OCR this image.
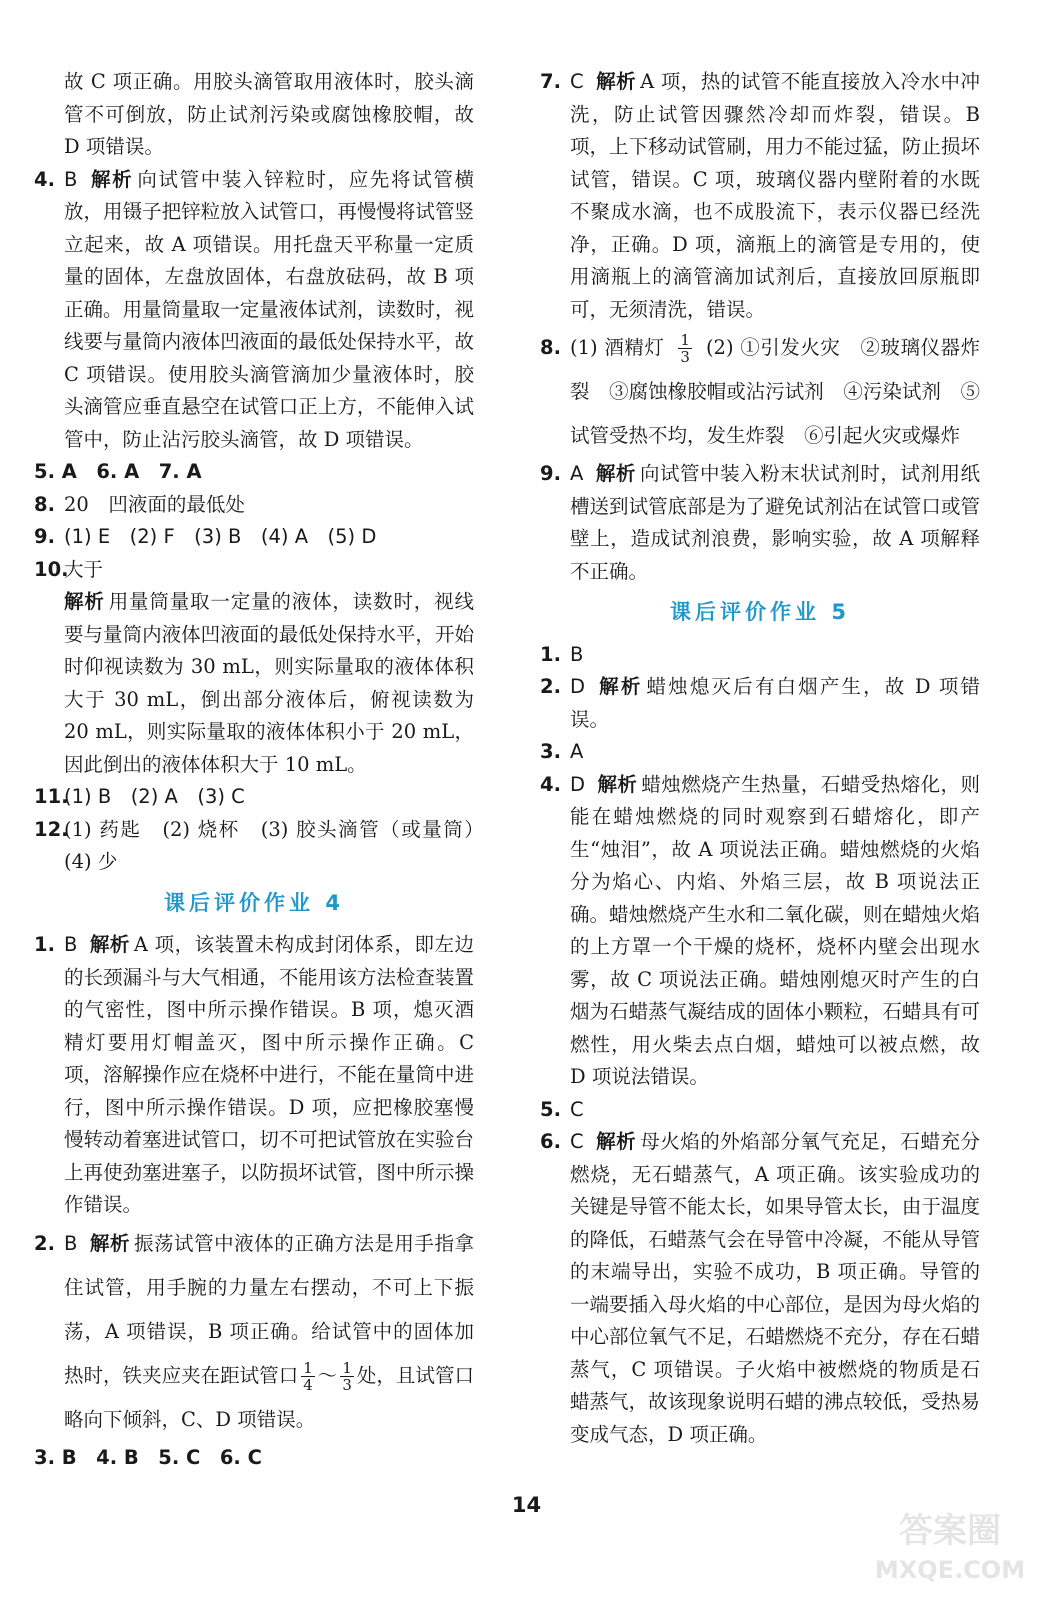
故 C 项正确。用胶头滴管取用液体时，胶头滴管不可倒放，防止试剂污染或腐蚀橡胶帽，故 D 项错误。

4. B 解析 向试管中装入锌粒时，应先将试管横放，用镊子把锌粒放入试管口，再慢慢将试管竖立起来，故 A 项错误。用托盘天平称量一定质量的固体，左盘放固体，右盘放砝码，故 B 项正确。用量筒量取一定量液体试剂，读数时，视线要与量筒内液体凹液面的最低处保持水平，故 C 项错误。使用胶头滴管滴加少量液体时，胶头滴管应垂直悬空在试管口正上方，不能伸入试管中，防止沾污胶头滴管，故 D 项错误。

5. A　6. A　7. A

8. 20　凹液面的最低处

9. (1) E　(2) F　(3) B　(4) A　(5) D

10.
大于

解析 用量筒量取一定量的液体，读数时，视线要与量筒内液体凹液面的最低处保持水平，开始时仰视读数为 30 mL，则实际量取的液体体积大于 30 mL，倒出部分液体后，俯视读数为 20 mL，则实际量取的液体体积小于 20 mL，因此倒出的液体体积大于 10 mL。

11.
(1) B　(2) A　(3) C

12.
(1) 药匙　(2) 烧杯　(3) 胶头滴管（或量筒）　(4) 少

课后评价作业 4

1. B 解析 A 项，该装置未构成封闭体系，即左边的长颈漏斗与大气相通，不能用该方法检查装置的气密性，图中所示操作错误。B 项，熄灭酒精灯要用灯帽盖灭，图中所示操作正确。C 项，溶解操作应在烧杯中进行，不能在量筒中进行，图中所示操作错误。D 项，应把橡胶塞慢慢转动着塞进试管口，切不可把试管放在实验台上再使劲塞进塞子，以防损坏试管，图中所示操作错误。

2. B 解析 振荡试管中液体的正确方法是用手指拿住试管，用手腕的力量左右摆动，不可上下振荡，A 项错误，B 项正确。给试管中的固体加热时，铁夹应夹在距试管口 $\frac{1}{4}$ ～ $\frac{1}{3}$ 处，且试管口略向下倾斜，C、D 项错误。

3. B　4. B　5. C　6. C

7. C 解析 A 项，热的试管不能直接放入冷水中冲洗，防止试管因骤然冷却而炸裂，错误。B 项，上下移动试管刷，用力不能过猛，防止损坏试管，错误。C 项，玻璃仪器内壁附着的水既不聚成水滴，也不成股流下，表示仪器已经洗净，正确。D 项，滴瓶上的滴管是专用的，使用滴瓶上的滴管滴加试剂后，直接放回原瓶即可，无须清洗，错误。

8. (1) 酒精灯 $\frac{1}{3} (2)$ ①引发火灾　②玻璃仪器炸裂　③腐蚀橡胶帽或沾污试剂　④污染试剂　⑤试管受热不均，发生炸裂　⑥引起火灾或爆炸

9. A 解析 向试管中装入粉末状试剂时，试剂用纸槽送到试管底部是为了避免试剂沾在试管口或管壁上，造成试剂浪费，影响实验，故 A 项解释不正确。

课后评价作业 5

1. B

2. D 解析 蜡烛熄灭后有白烟产生，故 D 项错误。

3. A

4. D 解析 蜡烛燃烧产生热量，石蜡受热熔化，则能在蜡烛燃烧的同时观察到石蜡熔化，即产生“烛泪”，故 A 项说法正确。蜡烛燃烧的火焰分为焰心、内焰、外焰三层，故 B 项说法正确。蜡烛燃烧产生水和二氧化碳，则在蜡烛火焰的上方罩一个干燥的烧杯，烧杯内壁会出现水雾，故 C 项说法正确。蜡烛刚熄灭时产生的白烟为石蜡蒸气凝结成的固体小颗粒，石蜡具有可燃性，用火柴去点白烟，蜡烛可以被点燃，故 D 项说法错误。

5. C

6. C 解析 母火焰的外焰部分氧气充足，石蜡充分燃烧，无石蜡蒸气，A 项正确。该实验成功的关键是导管不能太长，如果导管太长，由于温度的降低，石蜡蒸气会在导管中冷凝，不能从导管的末端导出，实验不成功，B 项正确。导管的一端要插入母火焰的中心部位，是因为母火焰的中心部位氧气不足，石蜡燃烧不充分，存在石蜡蒸气，C 项错误。子火焰中被燃烧的物质是石蜡蒸气，故该现象说明石蜡的沸点较低，受热易变成气态，D 项正确。

14
答案圈
MXQE.COM
